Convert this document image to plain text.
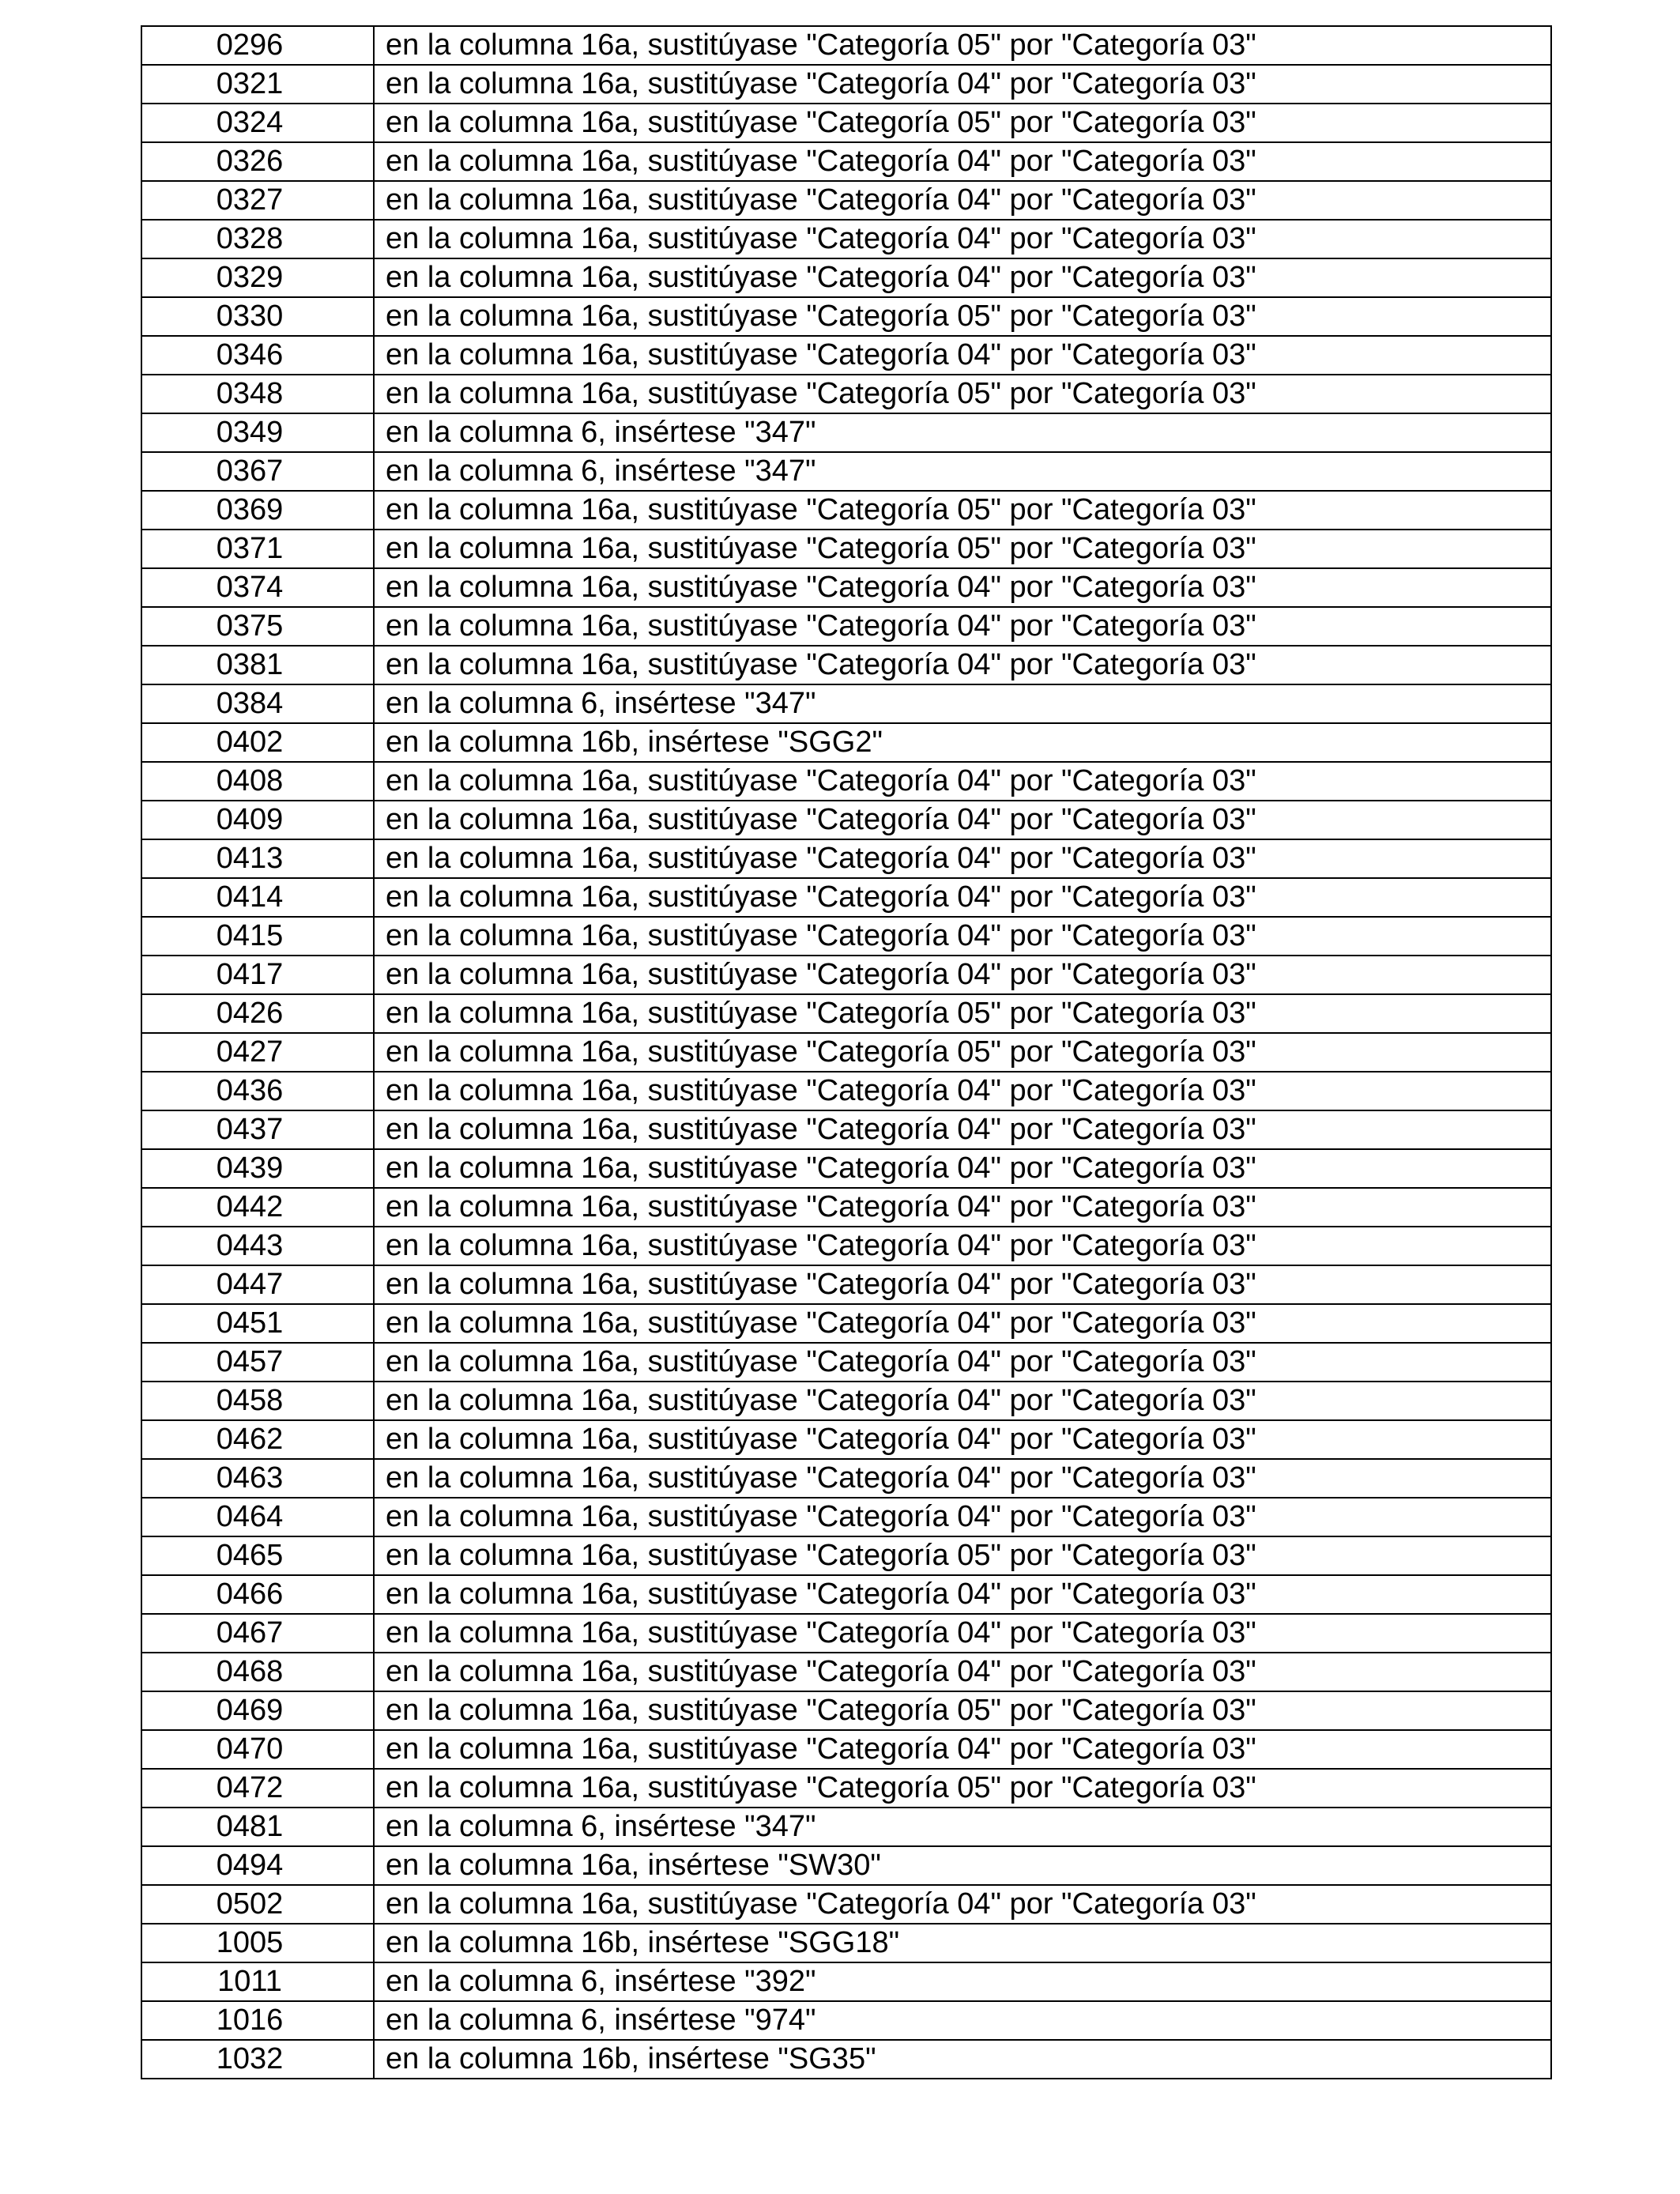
0296	en la columna 16a, sustitúyase "Categoría 05" por "Categoría 03"
0321	en la columna 16a, sustitúyase "Categoría 04" por "Categoría 03"
0324	en la columna 16a, sustitúyase "Categoría 05" por "Categoría 03"
0326	en la columna 16a, sustitúyase "Categoría 04" por "Categoría 03"
0327	en la columna 16a, sustitúyase "Categoría 04" por "Categoría 03"
0328	en la columna 16a, sustitúyase "Categoría 04" por "Categoría 03"
0329	en la columna 16a, sustitúyase "Categoría 04" por "Categoría 03"
0330	en la columna 16a, sustitúyase "Categoría 05" por "Categoría 03"
0346	en la columna 16a, sustitúyase "Categoría 04" por "Categoría 03"
0348	en la columna 16a, sustitúyase "Categoría 05" por "Categoría 03"
0349	en la columna 6, insértese "347"
0367	en la columna 6, insértese "347"
0369	en la columna 16a, sustitúyase "Categoría 05" por "Categoría 03"
0371	en la columna 16a, sustitúyase "Categoría 05" por "Categoría 03"
0374	en la columna 16a, sustitúyase "Categoría 04" por "Categoría 03"
0375	en la columna 16a, sustitúyase "Categoría 04" por "Categoría 03"
0381	en la columna 16a, sustitúyase "Categoría 04" por "Categoría 03"
0384	en la columna 6, insértese "347"
0402	en la columna 16b, insértese "SGG2"
0408	en la columna 16a, sustitúyase "Categoría 04" por "Categoría 03"
0409	en la columna 16a, sustitúyase "Categoría 04" por "Categoría 03"
0413	en la columna 16a, sustitúyase "Categoría 04" por "Categoría 03"
0414	en la columna 16a, sustitúyase "Categoría 04" por "Categoría 03"
0415	en la columna 16a, sustitúyase "Categoría 04" por "Categoría 03"
0417	en la columna 16a, sustitúyase "Categoría 04" por "Categoría 03"
0426	en la columna 16a, sustitúyase "Categoría 05" por "Categoría 03"
0427	en la columna 16a, sustitúyase "Categoría 05" por "Categoría 03"
0436	en la columna 16a, sustitúyase "Categoría 04" por "Categoría 03"
0437	en la columna 16a, sustitúyase "Categoría 04" por "Categoría 03"
0439	en la columna 16a, sustitúyase "Categoría 04" por "Categoría 03"
0442	en la columna 16a, sustitúyase "Categoría 04" por "Categoría 03"
0443	en la columna 16a, sustitúyase "Categoría 04" por "Categoría 03"
0447	en la columna 16a, sustitúyase "Categoría 04" por "Categoría 03"
0451	en la columna 16a, sustitúyase "Categoría 04" por "Categoría 03"
0457	en la columna 16a, sustitúyase "Categoría 04" por "Categoría 03"
0458	en la columna 16a, sustitúyase "Categoría 04" por "Categoría 03"
0462	en la columna 16a, sustitúyase "Categoría 04" por "Categoría 03"
0463	en la columna 16a, sustitúyase "Categoría 04" por "Categoría 03"
0464	en la columna 16a, sustitúyase "Categoría 04" por "Categoría 03"
0465	en la columna 16a, sustitúyase "Categoría 05" por "Categoría 03"
0466	en la columna 16a, sustitúyase "Categoría 04" por "Categoría 03"
0467	en la columna 16a, sustitúyase "Categoría 04" por "Categoría 03"
0468	en la columna 16a, sustitúyase "Categoría 04" por "Categoría 03"
0469	en la columna 16a, sustitúyase "Categoría 05" por "Categoría 03"
0470	en la columna 16a, sustitúyase "Categoría 04" por "Categoría 03"
0472	en la columna 16a, sustitúyase "Categoría 05" por "Categoría 03"
0481	en la columna 6, insértese "347"
0494	en la columna 16a, insértese "SW30"
0502	en la columna 16a, sustitúyase "Categoría 04" por "Categoría 03"
1005	en la columna 16b, insértese "SGG18"
1011	en la columna 6, insértese "392"
1016	en la columna 6, insértese "974"
1032	en la columna 16b, insértese "SG35"
